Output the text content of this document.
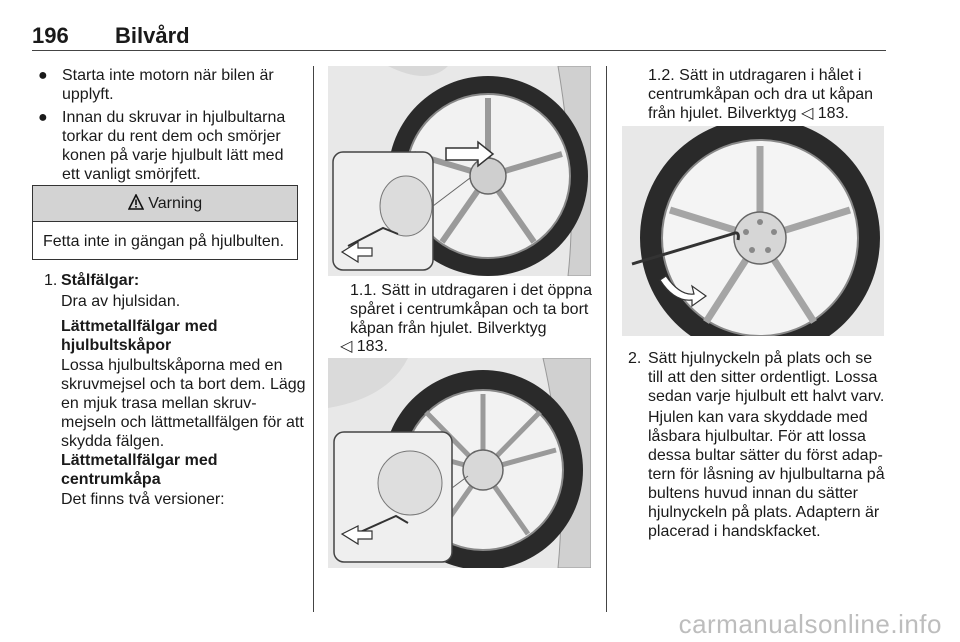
196 Bilvård
● Starta inte motorn när bilen är upplyft.
● Innan du skruvar in hjulbultarna torkar du rent dem och smörjer konen på varje hjulbult lätt med ett vanligt smörjfett.
Varning
Fetta inte in gängan på hjulbulten.
1. Stålfälgar:
Dra av hjulsidan.
Lättmetallfälgar med hjulbultskåpor
Lossa hjulbultskåporna med en skruvmejsel och ta bort dem. Lägg en mjuk trasa mellan skruv-mejseln och lättmetallfälgen för att skydda fälgen.
Lättmetallfälgar med centrumkåpa
Det finns två versioner:
1.1. Sätt in utdragaren i det öppna spåret i centrumkåpan och ta bort kåpan från hjulet. Bilverktyg
◁ 183.
1.2. Sätt in utdragaren i hålet i centrumkåpan och dra ut kåpan från hjulet. Bilverktyg ◁ 183.
2. Sätt hjulnyckeln på plats och se till att den sitter ordentligt. Lossa sedan varje hjulbult ett halvt varv.
Hjulen kan vara skyddade med låsbara hjulbultar. För att lossa dessa bultar sätter du först adap-tern för låsning av hjulbultarna på bultens huvud innan du sätter hjulnyckeln på plats. Adaptern är placerad i handskfacket.
carmanualsonline.info
